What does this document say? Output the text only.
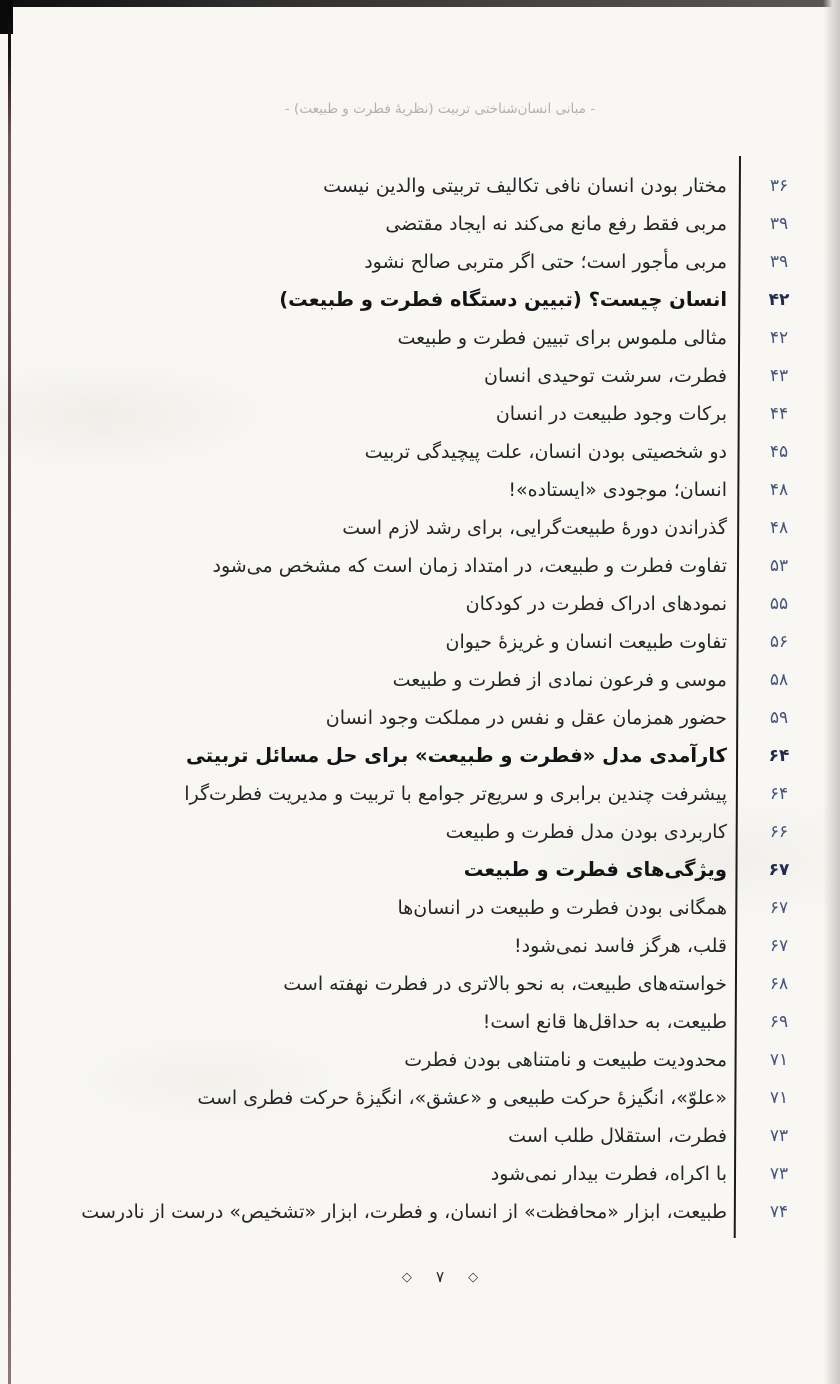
- مبانی انسان‌شناختی تربیت (نظریهٔ فطرت و طبیعت) -
مختار بودن انسان نافی تکالیف تربیتی والدین نیست	۳۶
مربی فقط رفع مانع می‌کند نه ایجاد مقتضی	۳۹
مربی مأجور است؛ حتی اگر متربی صالح نشود	۳۹
انسان چیست؟ (تبیین دستگاه فطرت و طبیعت)	۴۲
مثالی ملموس برای تبیین فطرت و طبیعت	۴۲
فطرت، سرشت توحیدی انسان	۴۳
برکات وجود طبیعت در انسان	۴۴
دو شخصیتی بودن انسان، علت پیچیدگی تربیت	۴۵
انسان؛ موجودی «ایستاده»!	۴۸
گذراندن دورهٔ طبیعت‌گرایی، برای رشد لازم است	۴۸
تفاوت فطرت و طبیعت، در امتداد زمان است که مشخص می‌شود	۵۳
نمودهای ادراک فطرت در کودکان	۵۵
تفاوت طبیعت انسان و غریزهٔ حیوان	۵۶
موسی و فرعون نمادی از فطرت و طبیعت	۵۸
حضور همزمان عقل و نفس در مملکت وجود انسان	۵۹
کارآمدی مدل «فطرت و طبیعت» برای حل مسائل تربیتی	۶۴
پیشرفت چندین برابری و سریع‌تر جوامع با تربیت و مدیریت فطرت‌گرا	۶۴
کاربردی بودن مدل فطرت و طبیعت	۶۶
ویژگی‌های فطرت و طبیعت	۶۷
همگانی بودن فطرت و طبیعت در انسان‌ها	۶۷
قلب، هرگز فاسد نمی‌شود!	۶۷
خواسته‌های طبیعت، به نحو بالاتری در فطرت نهفته است	۶۸
طبیعت، به حداقل‌ها قانع است!	۶۹
محدودیت طبیعت و نامتناهی بودن فطرت	۷۱
«علوّ»، انگیزهٔ حرکت طبیعی و «عشق»، انگیزهٔ حرکت فطری است	۷۱
فطرت، استقلال طلب است	۷۳
با اکراه، فطرت بیدار نمی‌شود	۷۳
طبیعت، ابزار «محافظت» از انسان، و فطرت، ابزار «تشخیص» درست از نادرست	۷۴
◇ ۷ ◇
